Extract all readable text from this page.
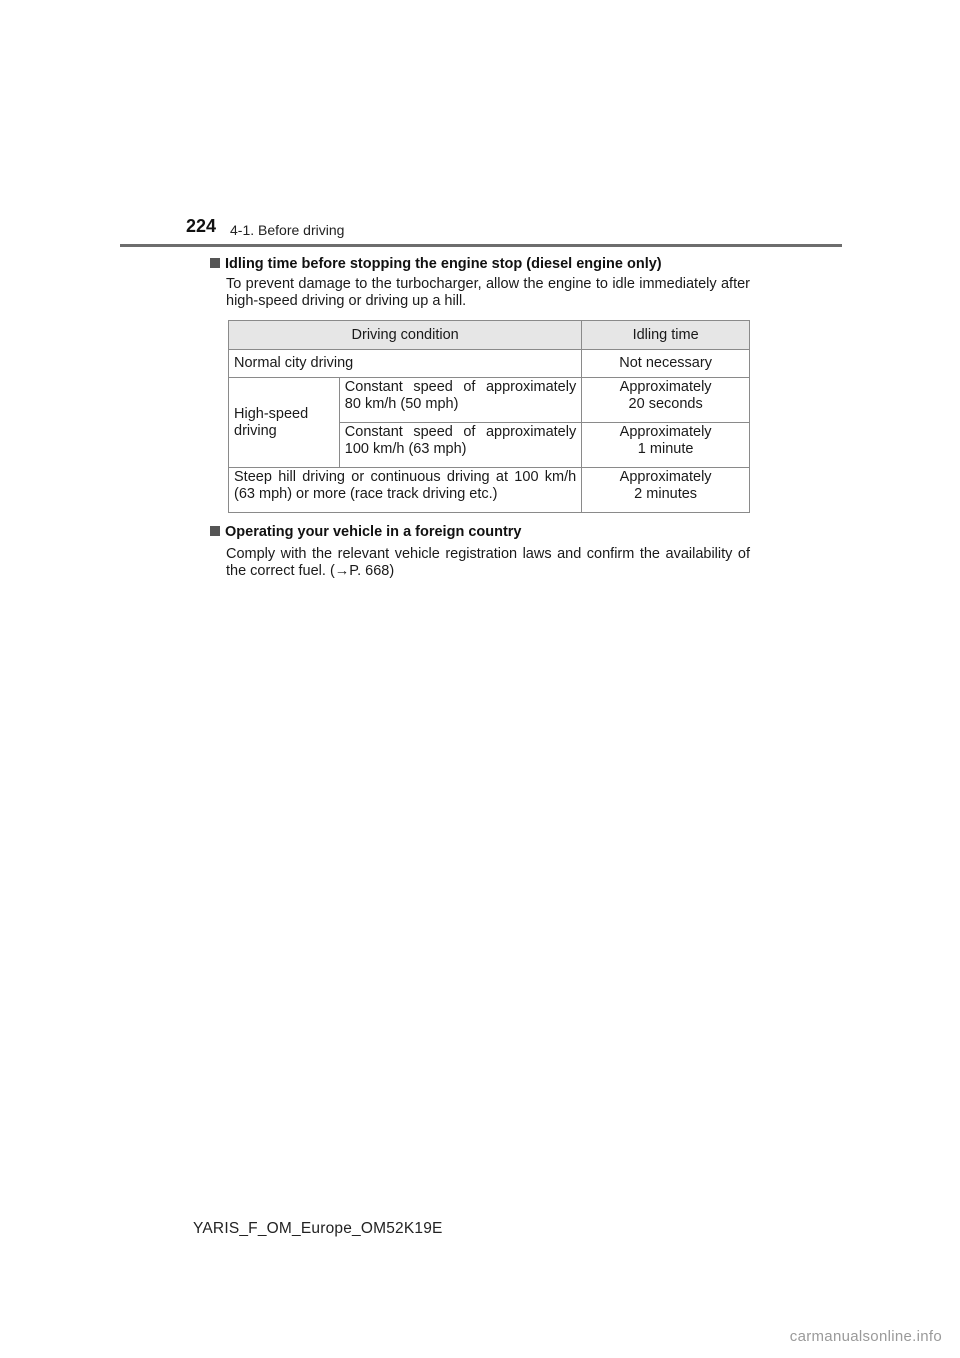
224 4-1. Before driving
Idling time before stopping the engine stop (diesel engine only)
To prevent damage to the turbocharger, allow the engine to idle immediately after high-speed driving or driving up a hill.
Driving condition		Idling time
Normal city driving		Not necessary
High-speed driving	Constant speed of approximately 80 km/h (50 mph)	Approximately
20 seconds

	Constant speed of approximately 100 km/h (63 mph)	Approximately
1 minute

Steep hill driving or continuous driving at 100 km/h (63 mph) or more (race track driving etc.)		Approximately
2 minutes
Operating your vehicle in a foreign country
Comply with the relevant vehicle registration laws and confirm the availability of the correct fuel. (→P. 668)
YARIS_F_OM_Europe_OM52K19E
carmanualsonline.info
